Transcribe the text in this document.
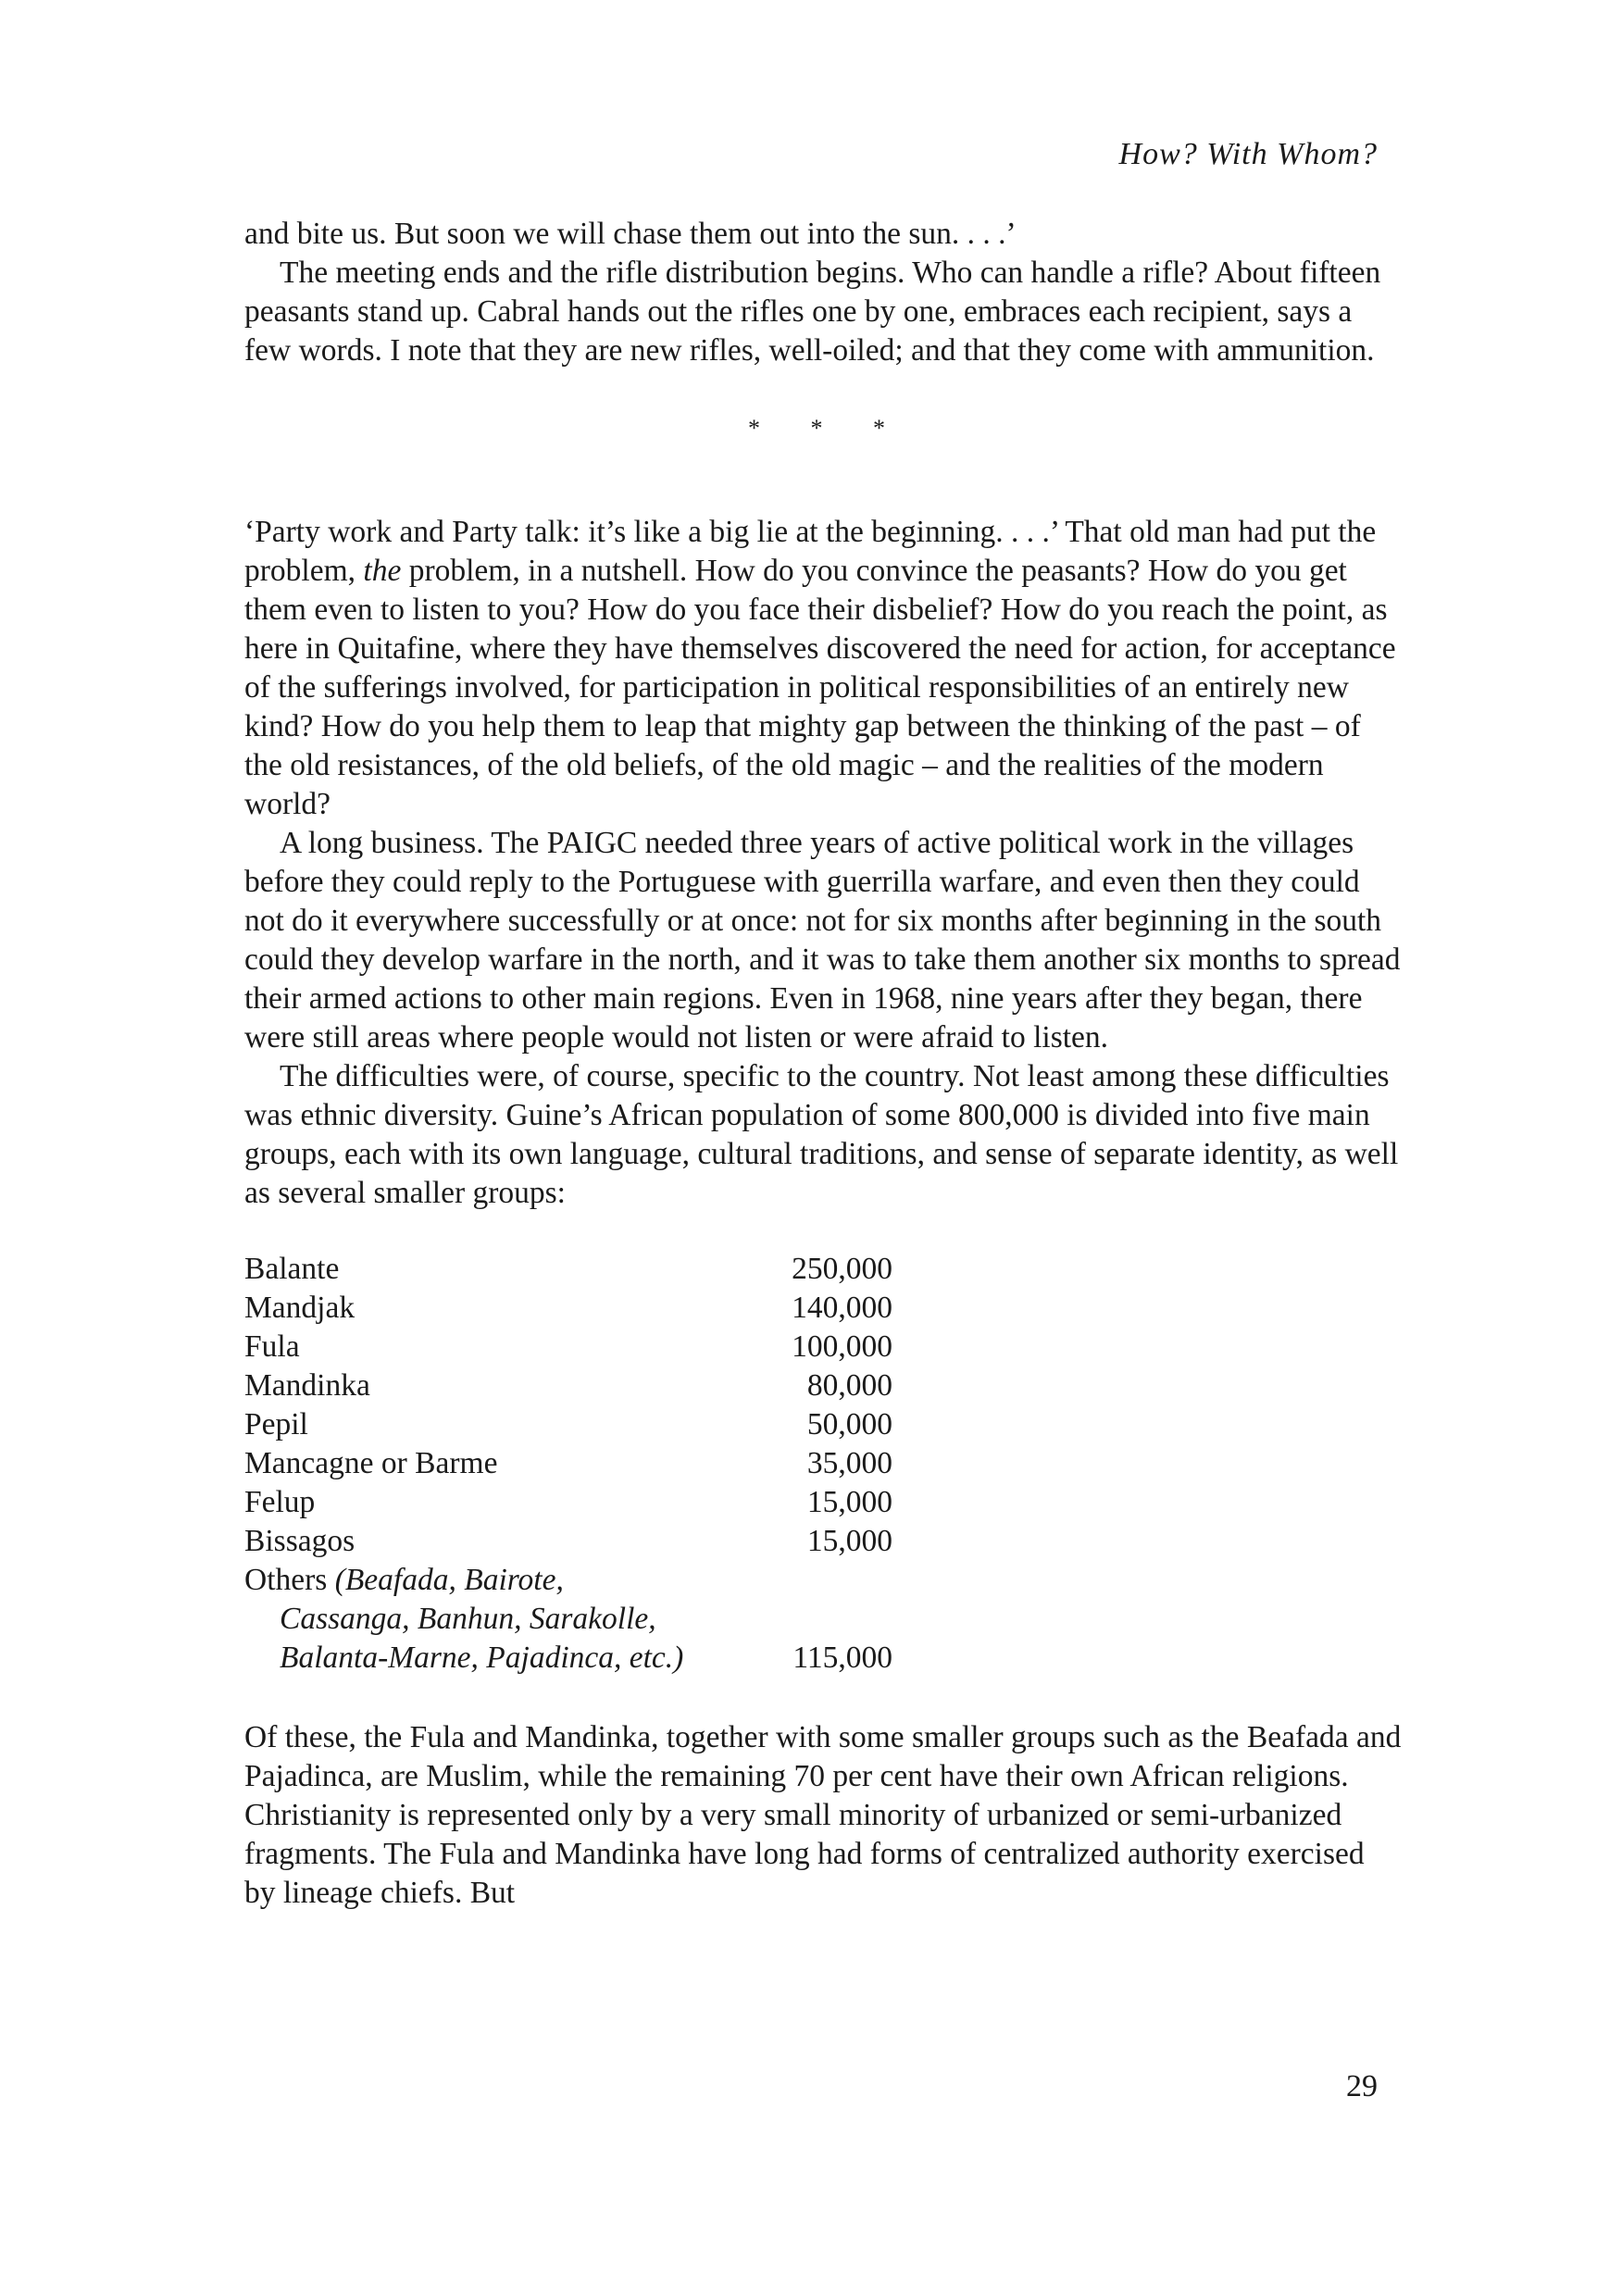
How? With Whom?

and bite us. But soon we will chase them out into the sun. . . .’

The meeting ends and the rifle distribution begins. Who can handle a rifle? About fifteen peasants stand up. Cabral hands out the rifles one by one, embraces each recipient, says a few words. I note that they are new rifles, well-oiled; and that they come with ammunition.

* * *

‘Party work and Party talk: it’s like a big lie at the beginning. . . .’ That old man had put the problem, the problem, in a nutshell. How do you convince the peasants? How do you get them even to listen to you? How do you face their disbelief? How do you reach the point, as here in Quitafine, where they have themselves discovered the need for action, for acceptance of the sufferings involved, for participation in political responsibilities of an entirely new kind? How do you help them to leap that mighty gap between the thinking of the past – of the old resistances, of the old beliefs, of the old magic – and the realities of the modern world?

A long business. The PAIGC needed three years of active political work in the villages before they could reply to the Portuguese with guerrilla warfare, and even then they could not do it everywhere successfully or at once: not for six months after beginning in the south could they develop warfare in the north, and it was to take them another six months to spread their armed actions to other main regions. Even in 1968, nine years after they began, there were still areas where people would not listen or were afraid to listen.

The difficulties were, of course, specific to the country. Not least among these difficulties was ethnic diversity. Guine’s African population of some 800,000 is divided into five main groups, each with its own language, cultural traditions, and sense of separate identity, as well as several smaller groups:

Balante	250,000
Mandjak	140,000
Fula	100,000
Mandinka	80,000
Pepil	50,000
Mancagne or Barme	35,000
Felup	15,000
Bissagos	15,000
Others (Beafada, Bairote,
Cassanga, Banhun, Sarakolle,
Balanta-Marne, Pajadinca, etc.)	115,000

Of these, the Fula and Mandinka, together with some smaller groups such as the Beafada and Pajadinca, are Muslim, while the remaining 70 per cent have their own African religions. Christianity is represented only by a very small minority of urbanized or semi-urbanized fragments. The Fula and Mandinka have long had forms of centralized authority exercised by lineage chiefs. But

29
